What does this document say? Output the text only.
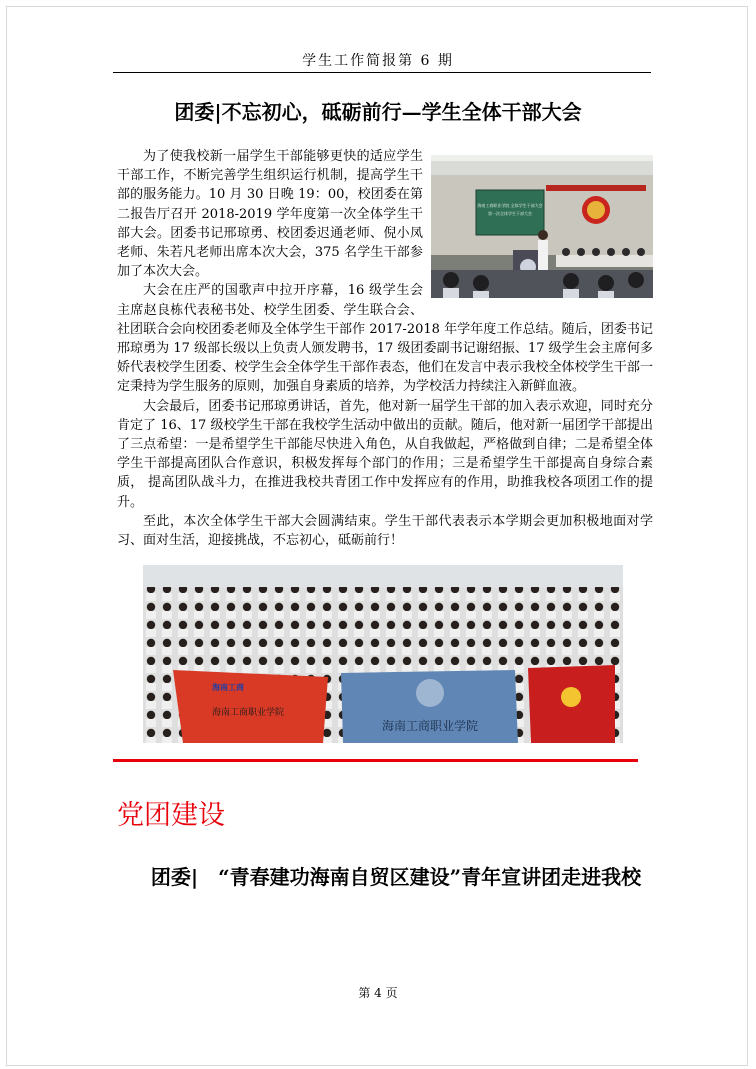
学生工作简报第 6 期
团委|不忘初心，砥砺前行—学生全体干部大会
海南工商职业学院 全体学生干部大会
第一次全体学生干部大会

为了使我校新一届学生干部能够更快的适应学生干部工作，不断完善学生组织运行机制，提高学生干部的服务能力。10 月 30 日晚 19：00，校团委在第二报告厅召开 2018-2019 学年度第一次全体学生干部大会。团委书记邢琼勇、校团委迟通老师、倪小凤老师、朱若凡老师出席本次大会，375 名学生干部参加了本次大会。

大会在庄严的国歌声中拉开序幕，16 级学生会主席赵良栋代表秘书处、校学生团委、学生联合会、社团联合会向校团委老师及全体学生干部作 2017-2018 年学年度工作总结。随后，团委书记邢琼勇为 17 级部长级以上负责人颁发聘书，17 级团委副书记谢绍振、17 级学生会主席何多娇代表校学生团委、校学生会全体学生干部作表态，他们在发言中表示我校全体校学生干部一定秉持为学生服务的原则，加强自身素质的培养，为学校活力持续注入新鲜血液。

大会最后，团委书记邢琼勇讲话，首先，他对新一届学生干部的加入表示欢迎，同时充分肯定了 16、17 级校学生干部在我校学生活动中做出的贡献。随后，他对新一届团学干部提出了三点希望：一是希望学生干部能尽快进入角色，从自我做起，严格做到自律；二是希望全体学生干部提高团队合作意识，积极发挥每个部门的作用；三是希望学生干部提高自身综合素质， 提高团队战斗力，在推进我校共青团工作中发挥应有的作用，助推我校各项团工作的提升。

至此，本次全体学生干部大会圆满结束。学生干部代表表示本学期会更加积极地面对学习、面对生活，迎接挑战，不忘初心，砥砺前行！

海南工商职业学院
海南工商
海南工商职业学院
党团建设
团委|　“青春建功海南自贸区建设”青年宣讲团走进我校
第 4 页
